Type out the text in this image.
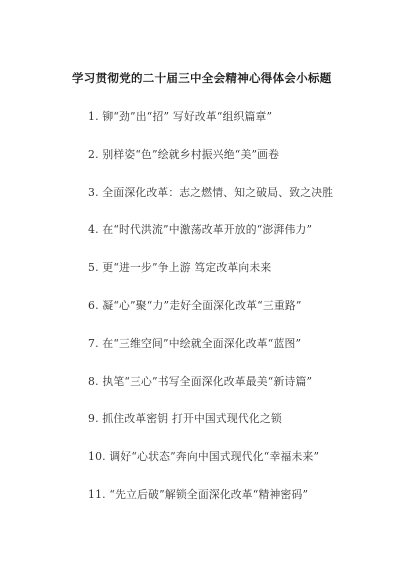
学习贯彻党的二十届三中全会精神心得体会小标题
1. 铆“劲”出“招” 写好改革“组织篇章”
2. 别样姿“色”绘就乡村振兴绝“美”画卷
3. 全面深化改革：志之燃情、知之破局、致之决胜
4. 在“时代洪流”中激荡改革开放的“澎湃伟力”
5. 更“进一步”争上游 笃定改革向未来
6. 凝“心”聚“力”走好全面深化改革“三重路”
7. 在“三维空间”中绘就全面深化改革“蓝图”
8. 执笔“三心”书写全面深化改革最美“新诗篇”
9. 抓住改革密钥 打开中国式现代化之锁
10. 调好“心状态”奔向中国式现代化“幸福未来”
11. “先立后破”解锁全面深化改革“精神密码”
